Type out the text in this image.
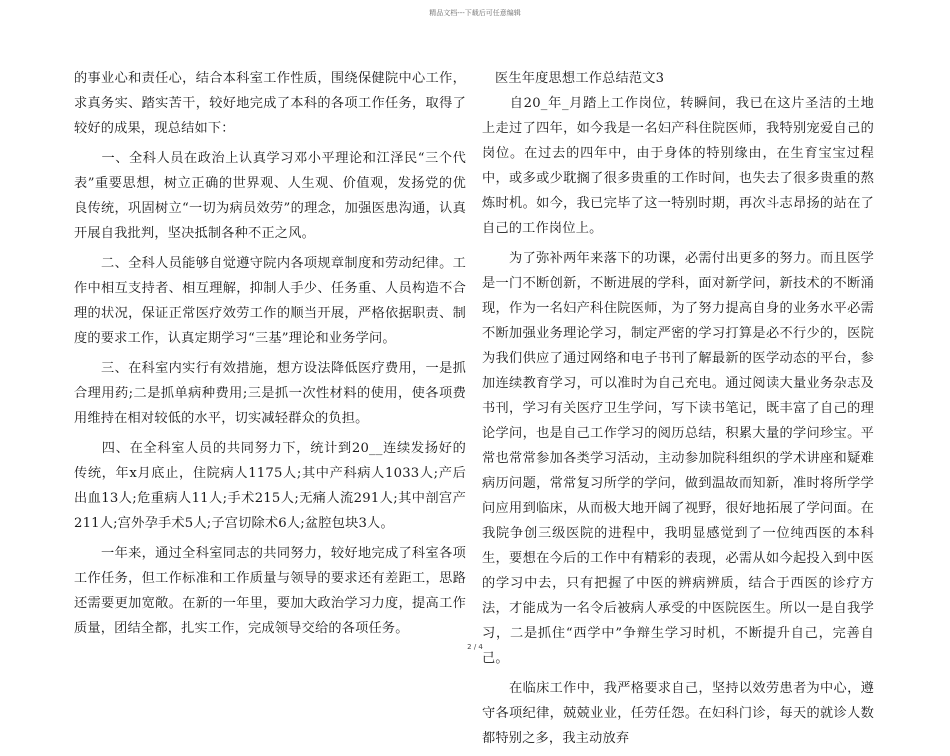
精品文档---下载后可任意编辑

的事业心和责任心，结合本科室工作性质，围绕保健院中心工作，求真务实、踏实苦干，较好地完成了本科的各项工作任务，取得了较好的成果，现总结如下：

　　一、全科人员在政治上认真学习邓小平理论和江泽民“三个代表”重要思想，树立正确的世界观、人生观、价值观，发扬党的优良传统，巩固树立“一切为病员效劳”的理念，加强医患沟通，认真开展自我批判，坚决抵制各种不正之风。

　　二、全科人员能够自觉遵守院内各项规章制度和劳动纪律。工作中相互支持者、相互理解，抑制人手少、任务重、人员构造不合理的状况，保证正常医疗效劳工作的顺当开展，严格依据职责、制度的要求工作，认真定期学习“三基”理论和业务学问。

　　三、在科室内实行有效措施，想方设法降低医疗费用，一是抓合理用药;二是抓单病种费用;三是抓一次性材料的使用，使各项费用维持在相对较低的水平，切实减轻群众的负担。

　　四、在全科室人员的共同努力下，统计到20__连续发扬好的传统，年x月底止，住院病人1175人;其中产科病人1033人;产后出血13人;危重病人11人;手术215人;无痛人流291人;其中剖宫产211人;宫外孕手术5人;子宫切除术6人;盆腔包块3人。

　　一年来，通过全科室同志的共同努力，较好地完成了科室各项工作任务，但工作标准和工作质量与领导的要求还有差距工，思路还需要更加宽敞。在新的一年里，要加大政治学习力度，提高工作质量，团结全都，扎实工作，完成领导交给的各项任务。

医生年度思想工作总结范文3

　　自20_年_月踏上工作岗位，转瞬间，我已在这片圣洁的土地上走过了四年，如今我是一名妇产科住院医师，我特别宠爱自己的岗位。在过去的四年中，由于身体的特别缘由，在生育宝宝过程中，或多或少耽搁了很多贵重的工作时间，也失去了很多贵重的熬炼时机。如今，我已完毕了这一特别时期，再次斗志昂扬的站在了自己的工作岗位上。

　　为了弥补两年来落下的功课，必需付出更多的努力。而且医学是一门不断创新，不断进展的学科，面对新学问，新技术的不断涌现，作为一名妇产科住院医师，为了努力提高自身的业务水平必需不断加强业务理论学习，制定严密的学习打算是必不行少的，医院为我们供应了通过网络和电子书刊了解最新的医学动态的平台，参加连续教育学习，可以准时为自己充电。通过阅读大量业务杂志及书刊，学习有关医疗卫生学问，写下读书笔记，既丰富了自己的理论学问，也是自己工作学习的阅历总结，积累大量的学问珍宝。平常也常常参加各类学习活动，主动参加院科组织的学术讲座和疑难病历问题，常常复习所学的学问，做到温故而知新，准时将所学学问应用到临床，从而极大地开阔了视野，很好地拓展了学问面。在我院争创三级医院的进程中，我明显感觉到了一位纯西医的本科生，要想在今后的工作中有精彩的表现，必需从如今起投入到中医的学习中去，只有把握了中医的辨病辨质，结合于西医的诊疗方法，才能成为一名令后被病人承受的中医院医生。所以一是自我学习，二是抓住“西学中”争辩生学习时机，不断提升自己，完善自己。

　　在临床工作中，我严格要求自己，坚持以效劳患者为中心，遵守各项纪律，兢兢业业，任劳任怨。在妇科门诊，每天的就诊人数都特别之多，我主动放弃

2 / 4
